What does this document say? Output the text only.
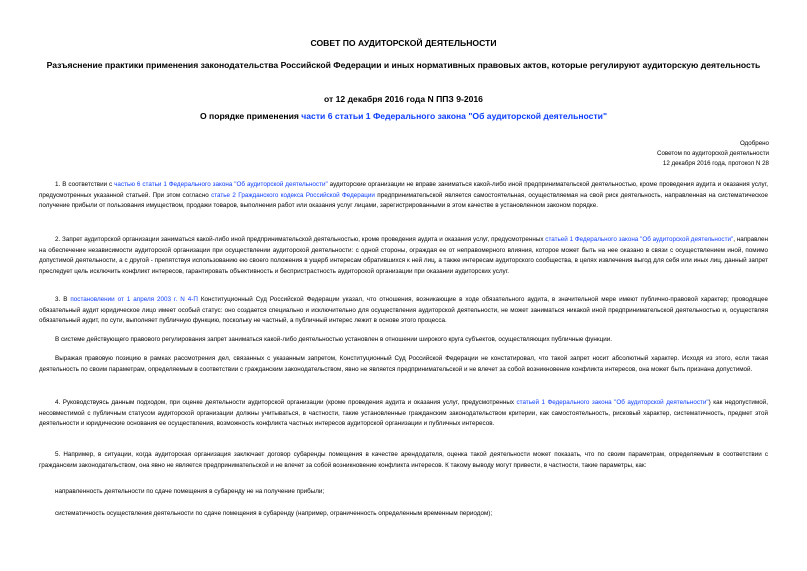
СОВЕТ ПО АУДИТОРСКОЙ ДЕЯТЕЛЬНОСТИ

Разъяснение практики применения законодательства Российской Федерации и иных нормативных правовых актов, которые регулируют аудиторскую деятельность

от 12 декабря 2016 года N ППЗ 9-2016

О порядке применения части 6 статьи 1 Федерального закона "Об аудиторской деятельности"

Одобрено
Советом по аудиторской деятельности
12 декабря 2016 года, протокол N 28

1. В соответствии с частью 6 статьи 1 Федерального закона "Об аудиторской деятельности" аудиторские организации не вправе заниматься какой-либо иной предпринимательской деятельностью, кроме проведения аудита и оказания услуг, предусмотренных указанной статьей. При этом согласно статье 2 Гражданского кодекса Российской Федерации предпринимательской является самостоятельная, осуществляемая на свой риск деятельность, направленная на систематическое получение прибыли от пользования имуществом, продажи товаров, выполнения работ или оказания услуг лицами, зарегистрированными в этом качестве в установленном законом порядке.

2. Запрет аудиторской организации заниматься какой-либо иной предпринимательской деятельностью, кроме проведения аудита и оказания услуг, предусмотренных статьей 1 Федерального закона "Об аудиторской деятельности", направлен на обеспечение независимости аудиторской организации при осуществлении аудиторской деятельности: с одной стороны, ограждая ее от неправомерного влияния, которое может быть на нее оказано в связи с осуществлением иной, помимо допустимой деятельности, а с другой - препятствуя использованию ею своего положения в ущерб интересам обратившихся к ней лиц, а также интересам аудиторского сообщества, в целях извлечения выгод для себя или иных лиц, данный запрет преследует цель исключить конфликт интересов, гарантировать объективность и беспристрастность аудиторской организации при оказании аудиторских услуг.

3. В постановлении от 1 апреля 2003 г. N 4-П Конституционный Суд Российской Федерации указал, что отношения, возникающие в ходе обязательного аудита, в значительной мере имеют публично-правовой характер; проводящее обязательный аудит юридическое лицо имеет особый статус: оно создается специально и исключительно для осуществления аудиторской деятельности, не может заниматься никакой иной предпринимательской деятельностью и, осуществляя обязательный аудит, по сути, выполняет публичную функцию, поскольку не частный, а публичный интерес лежит в основе этого процесса.

В системе действующего правового регулирования запрет заниматься какой-либо деятельностью установлен в отношении широкого круга субъектов, осуществляющих публичные функции.

Выражая правовую позицию в рамках рассмотрения дел, связанных с указанным запретом, Конституционный Суд Российской Федерации не констатировал, что такой запрет носит абсолютный характер. Исходя из этого, если такая деятельность по своим параметрам, определяемым в соответствии с гражданским законодательством, явно не является предпринимательской и не влечет за собой возникновение конфликта интересов, она может быть признана допустимой.

4. Руководствуясь данным подходом, при оценке деятельности аудиторской организации (кроме проведения аудита и оказания услуг, предусмотренных статьей 1 Федерального закона "Об аудиторской деятельности") как недопустимой, несовместимой с публичным статусом аудиторской организации должны учитываться, в частности, такие установленные гражданским законодательством критерии, как самостоятельность, рисковый характер, систематичность, предмет этой деятельности и юридические основания ее осуществления, возможность конфликта частных интересов аудиторской организации и публичных интересов.

5. Например, в ситуации, когда аудиторская организация заключает договор субаренды помещения в качестве арендодателя, оценка такой деятельности может показать, что по своим параметрам, определяемым в соответствии с гражданским законодательством, она явно не является предпринимательской и не влечет за собой возникновение конфликта интересов. К такому выводу могут привести, в частности, такие параметры, как:

направленность деятельности по сдаче помещения в субаренду не на получение прибыли;

систематичность осуществления деятельности по сдаче помещения в субаренду (например, ограниченность определенным временным периодом);
